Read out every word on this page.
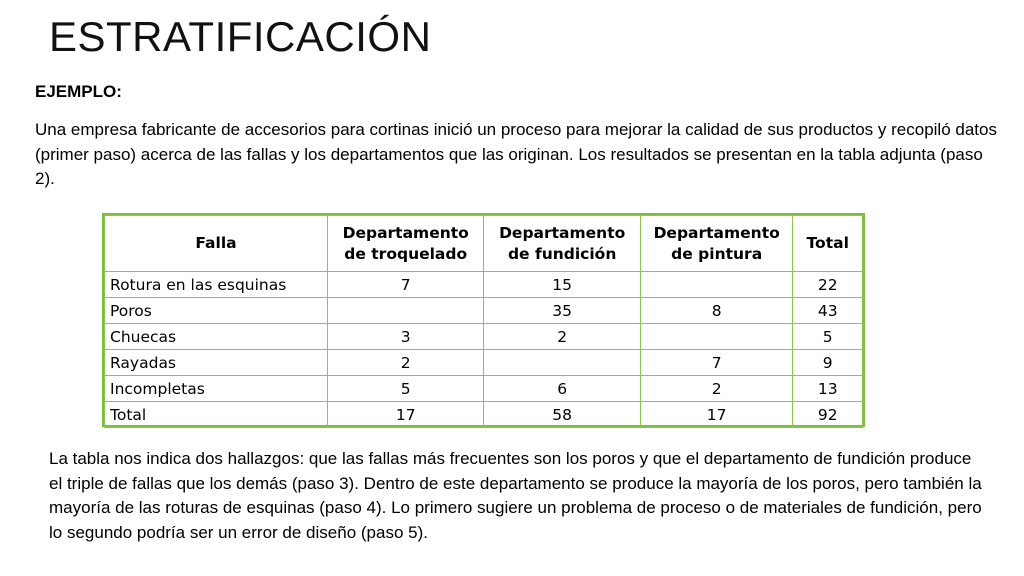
ESTRATIFICACIÓN
EJEMPLO:
Una empresa fabricante de accesorios para cortinas inició un proceso para mejorar la calidad de sus productos y recopiló datos (primer paso) acerca de las fallas y los departamentos que las originan. Los resultados se presentan en la tabla adjunta (paso 2).
Falla	Departamento de troquelado	Departamento de fundición	Departamento de pintura	Total
Rotura en las esquinas	7	15		22
Poros		35	8	43
Chuecas	3	2		5
Rayadas	2		7	9
Incompletas	5	6	2	13
Total	17	58	17	92
La tabla nos indica dos hallazgos: que las fallas más frecuentes son los poros y que el departamento de fundición produce el triple de fallas que los demás (paso 3). Dentro de este departamento se produce la mayoría de los poros, pero también la mayoría de las roturas de esquinas (paso 4). Lo primero sugiere un problema de proceso o de materiales de fundición, pero lo segundo podría ser un error de diseño (paso 5).
